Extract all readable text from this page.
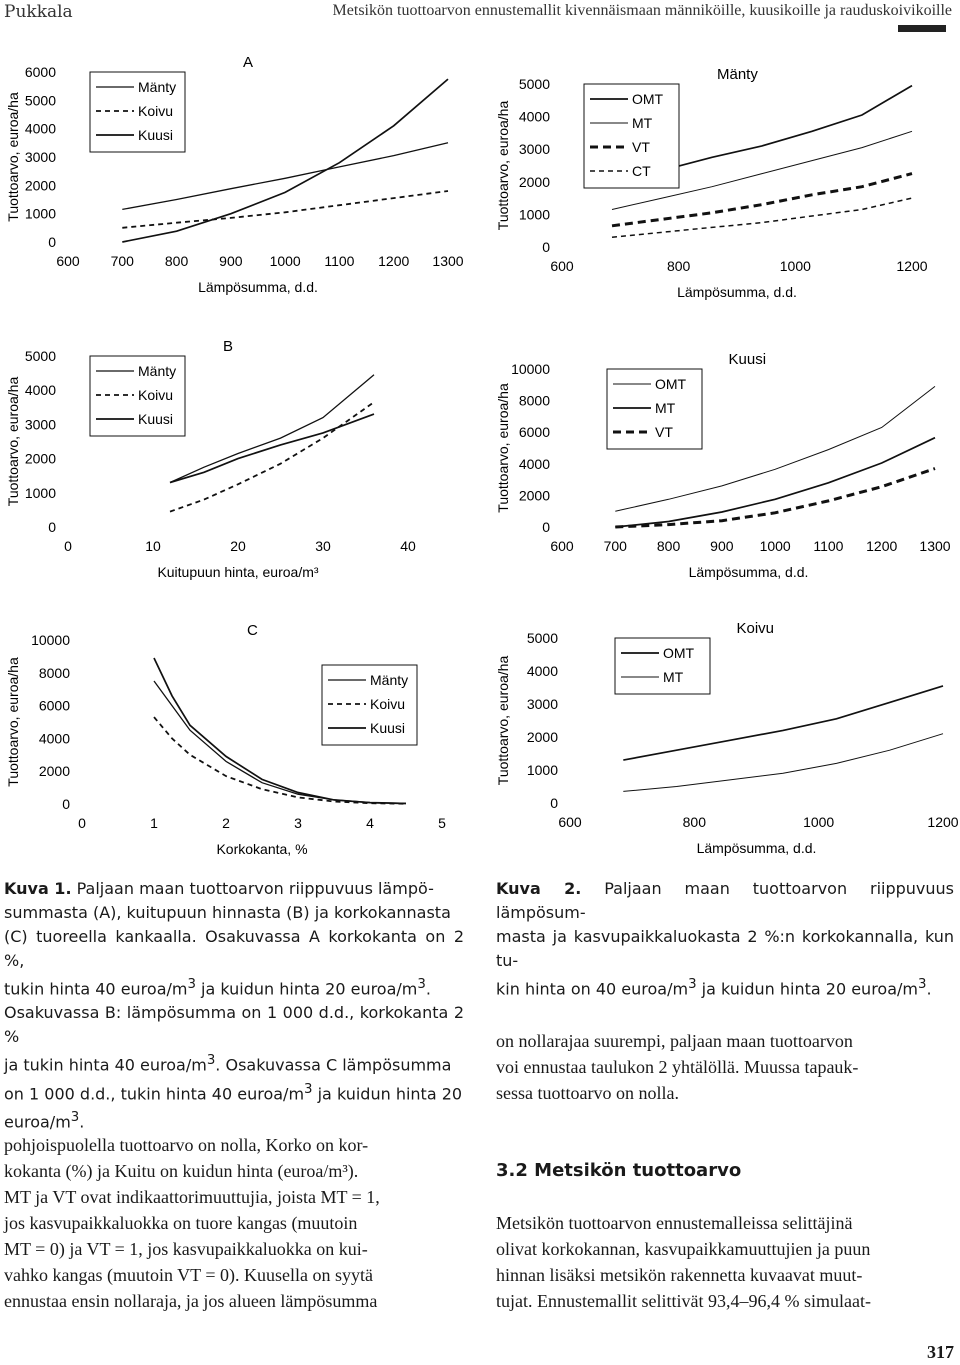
Pukkala	Metsikön tuottoarvon ennustemallit kivennäismaan männiköille, kuusikoille ja rauduskoivikoille
0
1000
2000
3000
4000
5000
6000
600 700 800 900 1000 1100 1200 1300
Lämpösumma, d.d.
Tuottoarvo, euroa/ha
Mänty
Koivu
Kuusi
A
0
1000
2000
3000
4000
5000
600	800	1000	1200
Lämpösumma, d.d.
Tuottoarvo, euroa/ha
OMT
MT
VT
CT
Mänty
0
1000
2000
3000
4000
5000
0	10	20	30	40
Kuitupuun hinta, euroa/m³
Tuottoarvo, euroa/ha
Mänty
Koivu
Kuusi
B
0
2000
4000
6000
8000
10000
600 700 800 900 1000 1100 1200 1300
Lämpösumma, d.d.
Tuottoarvo, euroa/ha	OMT
MT
VT
Kuusi
0
2000
4000
6000
8000
10000
0	1	2	3	4	5
Korkokanta, %
Tuottoarvo, euroa/ha	Mänty
Koivu
Kuusi
C
0
1000
2000
3000
4000
5000
600	800	1000	1200
Lämpösumma, d.d.
Tuottoarvo, euroa/ha
OMT
MT
Koivu
Kuva 1. Paljaan maan tuottoarvon riippuvuus lämpö-
summasta (A), kuitupuun hinnasta (B) ja korkokannasta
(C) tuoreella kankaalla. Osakuvassa A korkokanta on 2 %,
tukin hinta 40 euroa/$m^3$ ja kuidun hinta 20 euroa/$m^3$.
Osakuvassa B: lämpösumma on 1 000 d.d., korkokanta 2 %
ja tukin hinta 40 euroa/$m^3$. Osakuvassa C lämpösumma
on 1 000 d.d., tukin hinta 40 euroa/$m^3$ ja kuidun hinta 20
euroa/$m^3$.
Kuva 2. Paljaan maan tuottoarvon riippuvuus lämpösum-
masta ja kasvupaikkaluokasta 2 %:n korkokannalla, kun tu-
kin hinta on 40 euroa/$m^3$ ja kuidun hinta 20 euroa/$m^3$.
pohjoispuolella tuottoarvo on nolla, Korko on kor-
kokanta (%) ja Kuitu on kuidun hinta (euroa/m³).
MT ja VT ovat indikaattorimuuttujia, joista MT = 1,
jos kasvupaikkaluokka on tuore kangas (muutoin
MT = 0) ja VT = 1, jos kasvupaikkaluokka on kui-
vahko kangas (muutoin VT = 0). Kuusella on syytä
ennustaa ensin nollaraja, ja jos alueen lämpösumma
on nollarajaa suurempi, paljaan maan tuottoarvon
voi ennustaa taulukon 2 yhtälöllä. Muussa tapauk-
sessa tuottoarvo on nolla.
3.2 Metsikön tuottoarvo
Metsikön tuottoarvon ennustemalleissa selittäjinä
olivat korkokannan, kasvupaikkamuuttujien ja puun
hinnan lisäksi metsikön rakennetta kuvaavat muut-
tujat. Ennustemallit selittivät 93,4–96,4 % simulaat-
317
